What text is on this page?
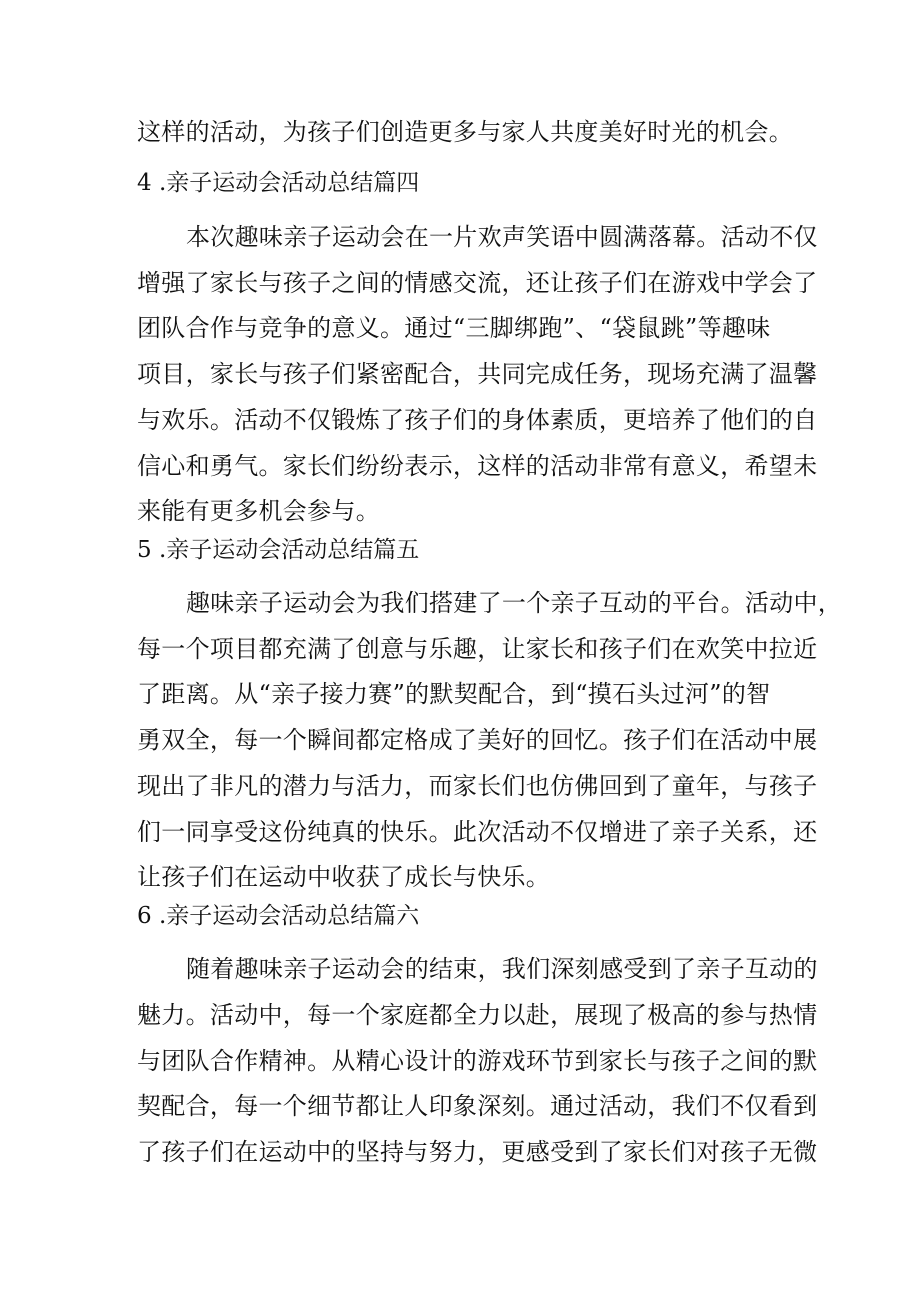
这样的活动，为孩子们创造更多与家人共度美好时光的机会。
4 .亲子运动会活动总结篇四
本次趣味亲子运动会在一片欢声笑语中圆满落幕。活动不仅
增强了家长与孩子之间的情感交流，还让孩子们在游戏中学会了
团队合作与竞争的意义。通过“三脚绑跑”、“袋鼠跳”等趣味
项目，家长与孩子们紧密配合，共同完成任务，现场充满了温馨
与欢乐。活动不仅锻炼了孩子们的身体素质，更培养了他们的自
信心和勇气。家长们纷纷表示，这样的活动非常有意义，希望未
来能有更多机会参与。
5 .亲子运动会活动总结篇五
趣味亲子运动会为我们搭建了一个亲子互动的平台。活动中，
每一个项目都充满了创意与乐趣，让家长和孩子们在欢笑中拉近
了距离。从“亲子接力赛”的默契配合，到“摸石头过河”的智
勇双全，每一个瞬间都定格成了美好的回忆。孩子们在活动中展
现出了非凡的潜力与活力，而家长们也仿佛回到了童年，与孩子
们一同享受这份纯真的快乐。此次活动不仅增进了亲子关系，还
让孩子们在运动中收获了成长与快乐。
6 .亲子运动会活动总结篇六
随着趣味亲子运动会的结束，我们深刻感受到了亲子互动的
魅力。活动中，每一个家庭都全力以赴，展现了极高的参与热情
与团队合作精神。从精心设计的游戏环节到家长与孩子之间的默
契配合，每一个细节都让人印象深刻。通过活动，我们不仅看到
了孩子们在运动中的坚持与努力，更感受到了家长们对孩子无微
